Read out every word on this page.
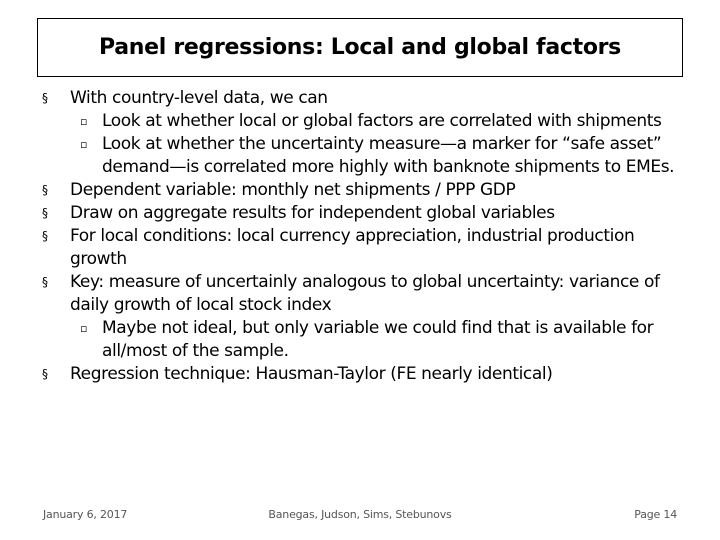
Panel regressions: Local and global factors
§ With country-level data, we can
▫ Look at whether local or global factors are correlated with shipments
▫ Look at whether the uncertainty measure—a marker for “safe asset” demand—is correlated more highly with banknote shipments to EMEs.
§ Dependent variable: monthly net shipments / PPP GDP
§ Draw on aggregate results for independent global variables
§ For local conditions: local currency appreciation, industrial production growth
§ Key: measure of uncertainly analogous to global uncertainty: variance of daily growth of local stock index
▫ Maybe not ideal, but only variable we could find that is available for all/most of the sample.
§ Regression technique: Hausman-Taylor (FE nearly identical)
January 6, 2017	Banegas, Judson, Sims, Stebunovs	Page 14
